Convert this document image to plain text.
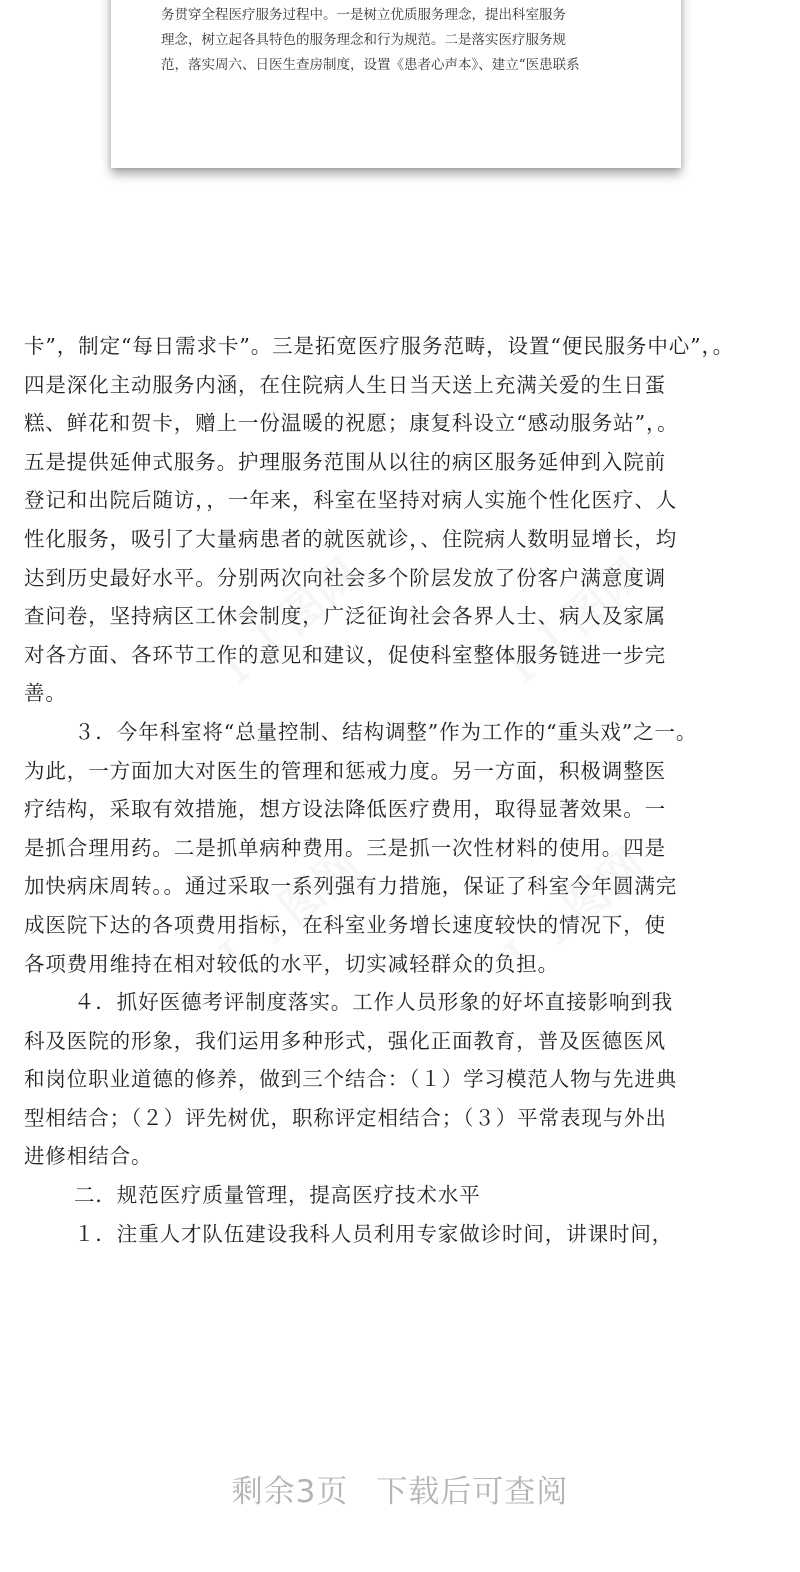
务贯穿全程医疗服务过程中。一是树立优质服务理念，提出科室服务
理念，树立起各具特色的服务理念和行为规范。二是落实医疗服务规
范，落实周六、日医生查房制度，设置《患者心声本》、建立“医患联系
卡”，制定“每日需求卡”。三是拓宽医疗服务范畴，设置“便民服务中心”，。
四是深化主动服务内涵，在住院病人生日当天送上充满关爱的生日蛋
糕、鲜花和贺卡，赠上一份温暖的祝愿；康复科设立“感动服务站”，。
五是提供延伸式服务。护理服务范围从以往的病区服务延伸到入院前
登记和出院后随访，，一年来，科室在坚持对病人实施个性化医疗、人
性化服务，吸引了大量病患者的就医就诊，、住院病人数明显增长，均
达到历史最好水平。分别两次向社会多个阶层发放了份客户满意度调
查问卷，坚持病区工休会制度，广泛征询社会各界人士、病人及家属
对各方面、各环节工作的意见和建议，促使科室整体服务链进一步完
善。
３．今年科室将“总量控制、结构调整”作为工作的“重头戏”之一。
为此，一方面加大对医生的管理和惩戒力度。另一方面，积极调整医
疗结构，采取有效措施，想方设法降低医疗费用，取得显著效果。一
是抓合理用药。二是抓单病种费用。三是抓一次性材料的使用。四是
加快病床周转。。通过采取一系列强有力措施，保证了科室今年圆满完
成医院下达的各项费用指标，在科室业务增长速度较快的情况下，使
各项费用维持在相对较低的水平，切实减轻群众的负担。
４．抓好医德考评制度落实。工作人员形象的好坏直接影响到我
科及医院的形象，我们运用多种形式，强化正面教育，普及医德医风
和岗位职业道德的修养，做到三个结合：（１）学习模范人物与先进典
型相结合；（２）评先树优，职称评定相结合；（３）平常表现与外出
进修相结合。
二．规范医疗质量管理，提高医疗技术水平
１．注重人才队伍建设我科人员利用专家做诊时间，讲课时间，
剩余3页 下载后可查阅
